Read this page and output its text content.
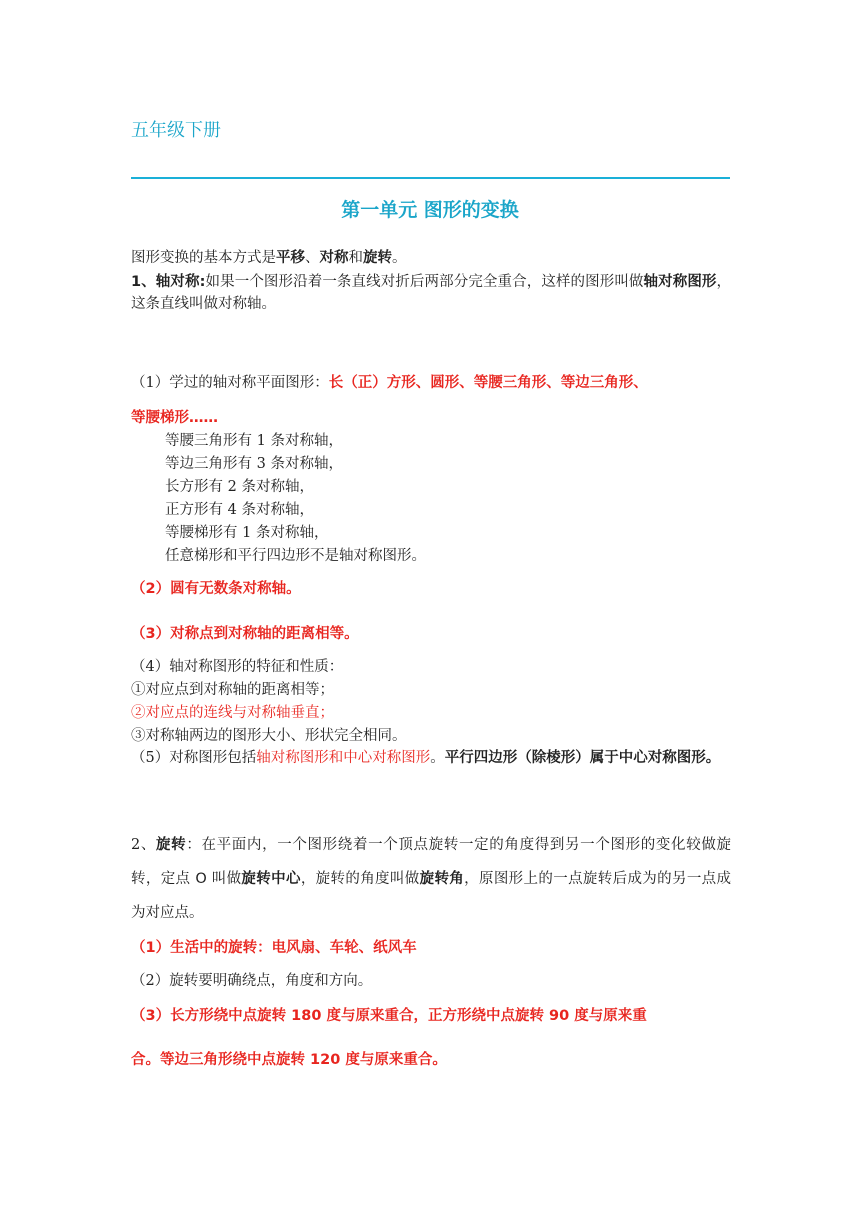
五年级下册
第一单元 图形的变换
图形变换的基本方式是平移、对称和旋转。
1、轴对称:如果一个图形沿着一条直线对折后两部分完全重合，这样的图形叫做轴对称图形，这条直线叫做对称轴。
（1）学过的轴对称平面图形：长（正）方形、圆形、等腰三角形、等边三角形、
等腰梯形……
等腰三角形有 1 条对称轴，
等边三角形有 3 条对称轴，
长方形有 2 条对称轴，
正方形有 4 条对称轴，
等腰梯形有 1 条对称轴，
任意梯形和平行四边形不是轴对称图形。
（2）圆有无数条对称轴。
（3）对称点到对称轴的距离相等。
（4）轴对称图形的特征和性质：
①对应点到对称轴的距离相等；
②对应点的连线与对称轴垂直；
③对称轴两边的图形大小、形状完全相同。
（5）对称图形包括轴对称图形和中心对称图形。平行四边形（除棱形）属于中心对称图形。
2、旋转：在平面内，一个图形绕着一个顶点旋转一定的角度得到另一个图形的变化较做旋转，定点 O 叫做旋转中心，旋转的角度叫做旋转角，原图形上的一点旋转后成为的另一点成为对应点。
（1）生活中的旋转：电风扇、车轮、纸风车
（2）旋转要明确绕点，角度和方向。
（3）长方形绕中点旋转 180 度与原来重合，正方形绕中点旋转 90 度与原来重
合。等边三角形绕中点旋转 120 度与原来重合。
